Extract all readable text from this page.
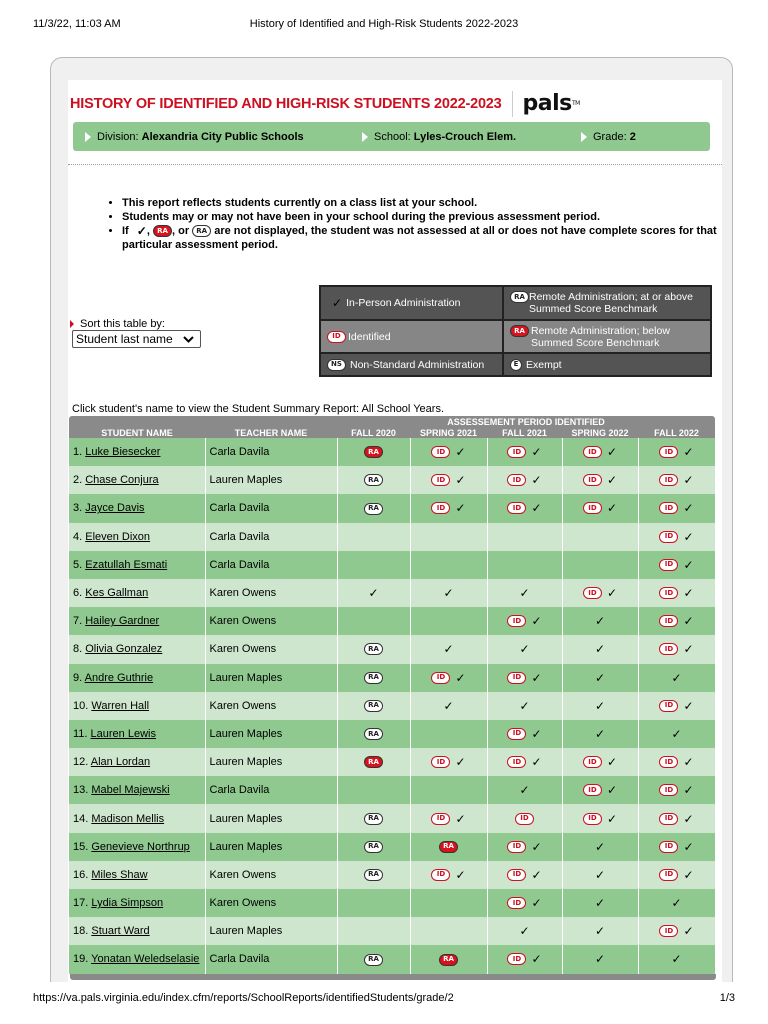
11/3/22, 11:03 AM	History of Identified and High-Risk Students 2022-2023
HISTORY OF IDENTIFIED AND HIGH-RISK STUDENTS 2022-2023 pals TM
Division:
Alexandria City Public Schools	School:
Lyles-Crouch Elem.	Grade:
2
• This report reflects students currently on a class list at your school.
• Students may or may not have been in your school during the previous assessment period.
• If ✓, RA , or RA are not displayed, the student was not assessed at all or does not have complete scores for that particular assessment period.
✓ In-Person Administration
RA Remote Administration; at or above Summed Score Benchmark
ID Identified	RA Remote Administration; below Summed Score Benchmark
NS Non-Standard Administration	E Exempt
Sort this table by:
Student last name
Click student's name to view the Student Summary Report: All School Years.
		ASSESSEMENT PERIOD IDENTIFIED				
STUDENT NAME	TEACHER NAME	FALL 2020	SPRING 2021	FALL 2021	SPRING 2022	FALL 2022
1. Luke Biesecker	Carla Davila	RA	ID ✓	ID ✓	ID ✓	ID ✓
2. Chase Conjura	Lauren Maples	RA	ID ✓	ID ✓	ID ✓	ID ✓
3. Jayce Davis	Carla Davila	RA	ID ✓	ID ✓	ID ✓	ID ✓
4. Eleven Dixon	Carla Davila					ID ✓
5. Ezatullah Esmati	Carla Davila					ID ✓
6. Kes Gallman	Karen Owens	✓	✓	✓	ID ✓	ID ✓
7. Hailey Gardner	Karen Owens			ID ✓	✓	ID ✓
8. Olivia Gonzalez	Karen Owens	RA	✓	✓	✓	ID ✓
9. Andre Guthrie	Lauren Maples	RA	ID ✓	ID ✓	✓	✓
10. Warren Hall	Karen Owens	RA	✓	✓	✓	ID ✓
11. Lauren Lewis	Lauren Maples	RA		ID ✓	✓	✓
12. Alan Lordan	Lauren Maples	RA	ID ✓	ID ✓	ID ✓	ID ✓
13. Mabel Majewski	Carla Davila			✓	ID ✓	ID ✓
14. Madison Mellis	Lauren Maples	RA	ID ✓	ID	ID ✓	ID ✓
15. Genevieve Northrup	Lauren Maples	RA	RA	ID ✓	✓	ID ✓
16. Miles Shaw	Karen Owens	RA	ID ✓	ID ✓	✓	ID ✓
17. Lydia Simpson	Karen Owens			ID ✓	✓	✓
18. Stuart Ward	Lauren Maples			✓	✓	ID ✓
19. Yonatan Weledselasie	Carla Davila	RA	RA	ID ✓	✓	✓
https://va.pals.virginia.edu/index.cfm/reports/SchoolReports/identifiedStudents/grade/2	1/3
